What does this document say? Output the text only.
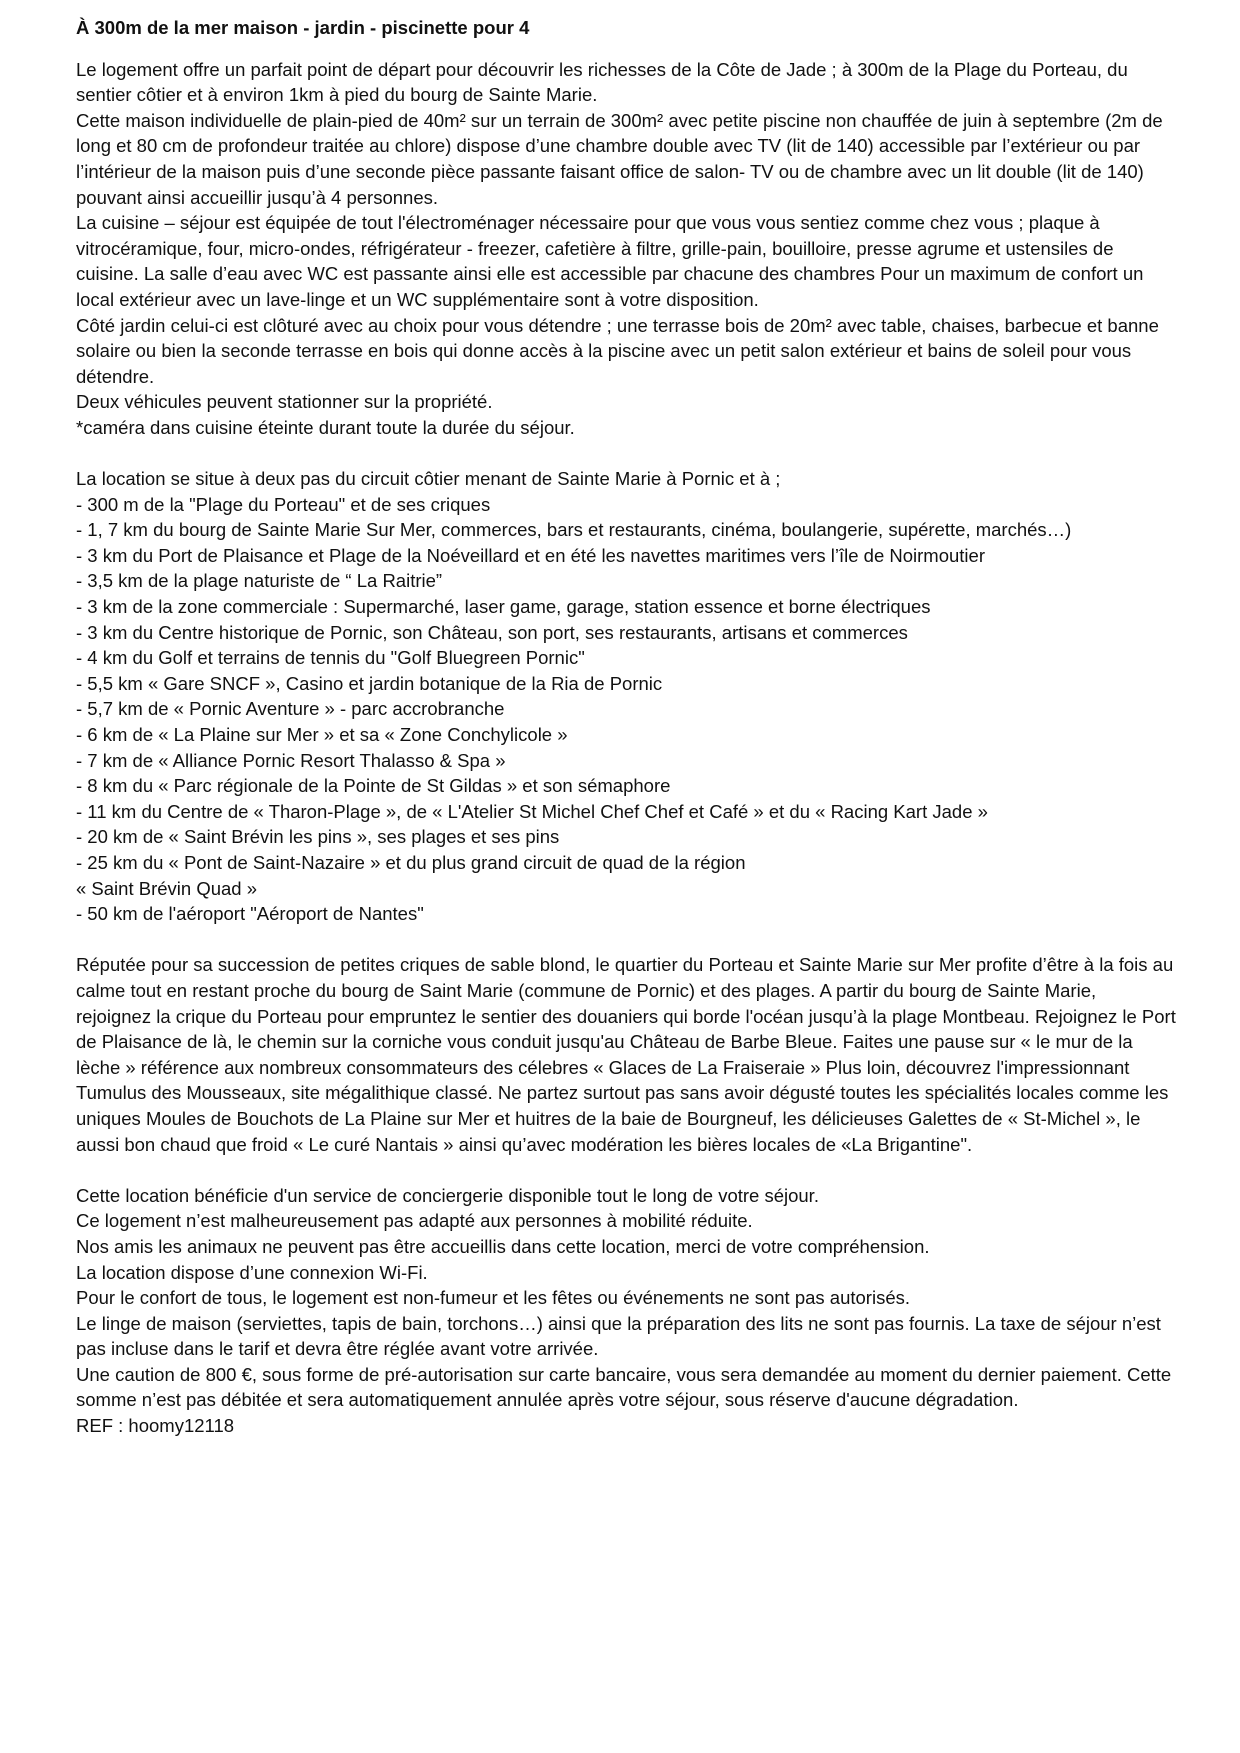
À 300m de la mer maison - jardin - piscinette pour 4

Le logement offre un parfait point de départ pour découvrir les richesses de la Côte de Jade ; à 300m de la Plage du Porteau, du sentier côtier et à environ 1km à pied du bourg de Sainte Marie.
Cette maison individuelle de plain-pied de 40m² sur un terrain de 300m² avec petite piscine non chauffée de juin à septembre (2m de long et 80 cm de profondeur traitée au chlore) dispose d’une chambre double avec TV (lit de 140) accessible par l’extérieur ou par l’intérieur de la maison puis d’une seconde pièce passante faisant office de salon- TV ou de chambre avec un lit double (lit de 140) pouvant ainsi accueillir jusqu’à 4 personnes.
La cuisine – séjour est équipée de tout l'électroménager nécessaire pour que vous vous sentiez comme chez vous ; plaque à vitrocéramique, four, micro-ondes, réfrigérateur - freezer, cafetière à filtre, grille-pain, bouilloire, presse agrume et ustensiles de cuisine. La salle d’eau avec WC est passante ainsi elle est accessible par chacune des chambres Pour un maximum de confort un local extérieur avec un lave-linge et un WC supplémentaire sont à votre disposition.
Côté jardin celui-ci est clôturé avec au choix pour vous détendre ; une terrasse bois de 20m² avec table, chaises, barbecue et banne solaire ou bien la seconde terrasse en bois qui donne accès à la piscine avec un petit salon extérieur et bains de soleil pour vous détendre.
Deux véhicules peuvent stationner sur la propriété.
*caméra dans cuisine éteinte durant toute la durée du séjour.
La location se situe à deux pas du circuit côtier menant de Sainte Marie à Pornic et à ;
- 300 m de la "Plage du Porteau" et de ses criques
- 1, 7 km du bourg de Sainte Marie Sur Mer, commerces, bars et restaurants, cinéma, boulangerie, supérette, marchés…)
- 3 km du Port de Plaisance et Plage de la Noéveillard et en été les navettes maritimes vers l’île de Noirmoutier
- 3,5 km de la plage naturiste de “ La Raitrie”
- 3 km de la zone commerciale : Supermarché, laser game, garage, station essence et borne électriques
- 3 km du Centre historique de Pornic, son Château, son port, ses restaurants, artisans et commerces
- 4 km du Golf et terrains de tennis du "Golf Bluegreen Pornic"
- 5,5 km « Gare SNCF », Casino et jardin botanique de la Ria de Pornic
- 5,7 km de « Pornic Aventure » - parc accrobranche
- 6 km de « La Plaine sur Mer » et sa « Zone Conchylicole »
- 7 km de « Alliance Pornic Resort Thalasso & Spa »
- 8 km du « Parc régionale de la Pointe de St Gildas » et son sémaphore
- 11 km du Centre de « Tharon-Plage », de « L'Atelier St Michel Chef Chef et Café » et du « Racing Kart Jade »
- 20 km de « Saint Brévin les pins », ses plages et ses pins
- 25 km du « Pont de Saint-Nazaire » et du plus grand circuit de quad de la région
« Saint Brévin Quad »
- 50 km de l'aéroport "Aéroport de Nantes"
Réputée pour sa succession de petites criques de sable blond, le quartier du Porteau et Sainte Marie sur Mer profite d’être à la fois au calme tout en restant proche du bourg de Saint Marie (commune de Pornic) et des plages. A partir du bourg de Sainte Marie, rejoignez la crique du Porteau pour empruntez le sentier des douaniers qui borde l'océan jusqu’à la plage Montbeau. Rejoignez le Port de Plaisance de là, le chemin sur la corniche vous conduit jusqu'au Château de Barbe Bleue. Faites une pause sur « le mur de la lèche » référence aux nombreux consommateurs des célebres « Glaces de La Fraiseraie » Plus loin, découvrez l'impressionnant Tumulus des Mousseaux, site mégalithique classé. Ne partez surtout pas sans avoir dégusté toutes les spécialités locales comme les uniques Moules de Bouchots de La Plaine sur Mer et huitres de la baie de Bourgneuf, les délicieuses Galettes de « St-Michel », le aussi bon chaud que froid « Le curé Nantais » ainsi qu’avec modération les bières locales de «La Brigantine".
Cette location bénéficie d'un service de conciergerie disponible tout le long de votre séjour.
Ce logement n’est malheureusement pas adapté aux personnes à mobilité réduite.
Nos amis les animaux ne peuvent pas être accueillis dans cette location, merci de votre compréhension.
La location dispose d’une connexion Wi-Fi.
Pour le confort de tous, le logement est non-fumeur et les fêtes ou événements ne sont pas autorisés.
Le linge de maison (serviettes, tapis de bain, torchons…) ainsi que la préparation des lits ne sont pas fournis. La taxe de séjour n’est pas incluse dans le tarif et devra être réglée avant votre arrivée.
Une caution de 800 €, sous forme de pré-autorisation sur carte bancaire, vous sera demandée au moment du dernier paiement. Cette somme n’est pas débitée et sera automatiquement annulée après votre séjour, sous réserve d'aucune dégradation.
REF : hoomy12118
